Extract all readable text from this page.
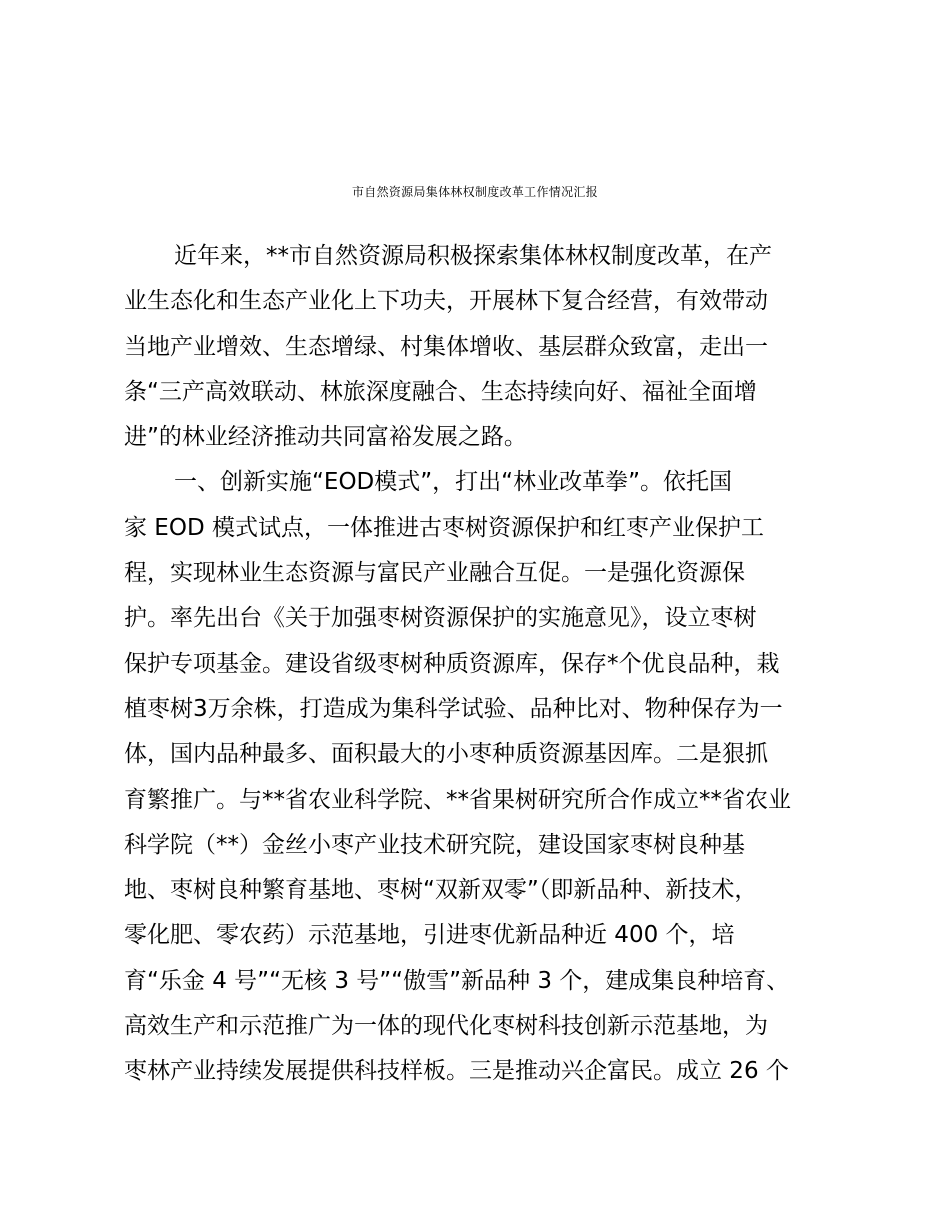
市自然资源局集体林权制度改革工作情况汇报
近年来，**市自然资源局积极探索集体林权制度改革，在产
业生态化和生态产业化上下功夫，开展林下复合经营，有效带动
当地产业增效、生态增绿、村集体增收、基层群众致富，走出一
条“三产高效联动、林旅深度融合、生态持续向好、福祉全面增
进”的林业经济推动共同富裕发展之路。
一、创新实施“EOD模式”，打出“林业改革拳”。依托国
家 EOD 模式试点，一体推进古枣树资源保护和红枣产业保护工
程，实现林业生态资源与富民产业融合互促。一是强化资源保
护。率先出台《关于加强枣树资源保护的实施意见》，设立枣树
保护专项基金。建设省级枣树种质资源库，保存*个优良品种，栽
植枣树3万余株，打造成为集科学试验、品种比对、物种保存为一
体，国内品种最多、面积最大的小枣种质资源基因库。二是狠抓
育繁推广。与**省农业科学院、**省果树研究所合作成立**省农业
科学院（**）金丝小枣产业技术研究院，建设国家枣树良种基
地、枣树良种繁育基地、枣树“双新双零”（即新品种、新技术，
零化肥、零农药）示范基地，引进枣优新品种近 400 个，培
育“乐金 4 号”“无核 3 号”“傲雪”新品种 3 个，建成集良种培育、
高效生产和示范推广为一体的现代化枣树科技创新示范基地，为
枣林产业持续发展提供科技样板。三是推动兴企富民。成立 26 个
